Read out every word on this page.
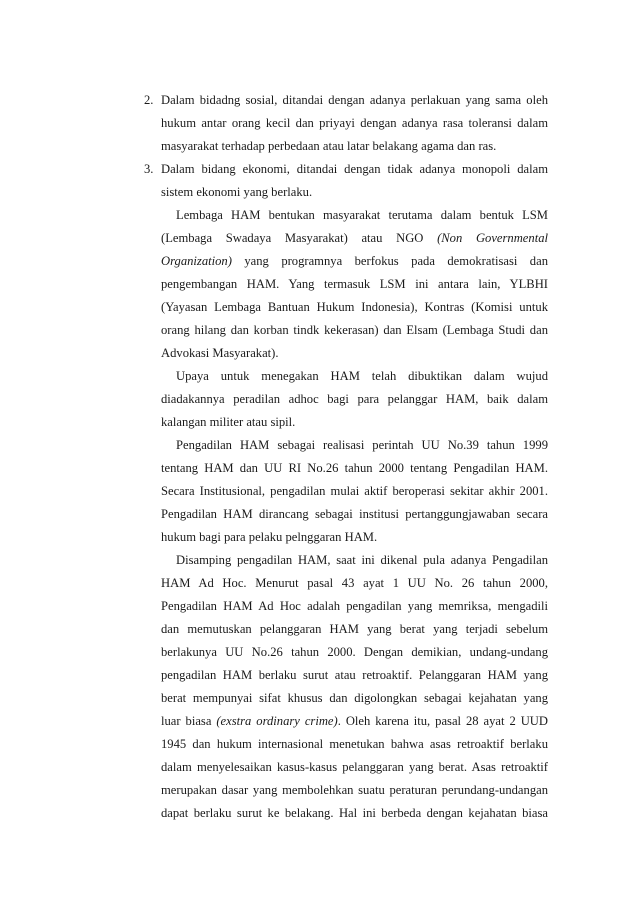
2. Dalam bidadng sosial, ditandai dengan adanya perlakuan yang sama oleh
hukum antar orang kecil dan priyayi dengan adanya rasa toleransi dalam
masyarakat terhadap perbedaan atau latar belakang agama dan ras.
3. Dalam bidang ekonomi, ditandai dengan tidak adanya monopoli dalam
sistem ekonomi yang berlaku.
Lembaga HAM bentukan masyarakat terutama dalam bentuk LSM
(Lembaga Swadaya Masyarakat) atau NGO (Non Governmental
Organization) yang programnya berfokus pada demokratisasi dan
pengembangan HAM. Yang termasuk LSM ini antara lain, YLBHI
(Yayasan Lembaga Bantuan Hukum Indonesia), Kontras (Komisi untuk
orang hilang dan korban tindk kekerasan) dan Elsam (Lembaga Studi dan
Advokasi Masyarakat).
Upaya untuk menegakan HAM telah dibuktikan dalam wujud
diadakannya peradilan adhoc bagi para pelanggar HAM, baik dalam
kalangan militer atau sipil.
Pengadilan HAM sebagai realisasi perintah UU No.39 tahun 1999
tentang HAM dan UU RI No.26 tahun 2000 tentang Pengadilan HAM.
Secara Institusional, pengadilan mulai aktif beroperasi sekitar akhir 2001.
Pengadilan HAM dirancang sebagai institusi pertanggungjawaban secara
hukum bagi para pelaku pelnggaran HAM.
Disamping pengadilan HAM, saat ini dikenal pula adanya Pengadilan
HAM Ad Hoc. Menurut pasal 43 ayat 1 UU No. 26 tahun 2000,
Pengadilan HAM Ad Hoc adalah pengadilan yang memriksa, mengadili
dan memutuskan pelanggaran HAM yang berat yang terjadi sebelum
berlakunya UU No.26 tahun 2000. Dengan demikian, undang-undang
pengadilan HAM berlaku surut atau retroaktif. Pelanggaran HAM yang
berat mempunyai sifat khusus dan digolongkan sebagai kejahatan yang
luar biasa (exstra ordinary crime). Oleh karena itu, pasal 28 ayat 2 UUD
1945 dan hukum internasional menetukan bahwa asas retroaktif berlaku
dalam menyelesaikan kasus-kasus pelanggaran yang berat. Asas retroaktif
merupakan dasar yang membolehkan suatu peraturan perundang-undangan
dapat berlaku surut ke belakang. Hal ini berbeda dengan kejahatan biasa
